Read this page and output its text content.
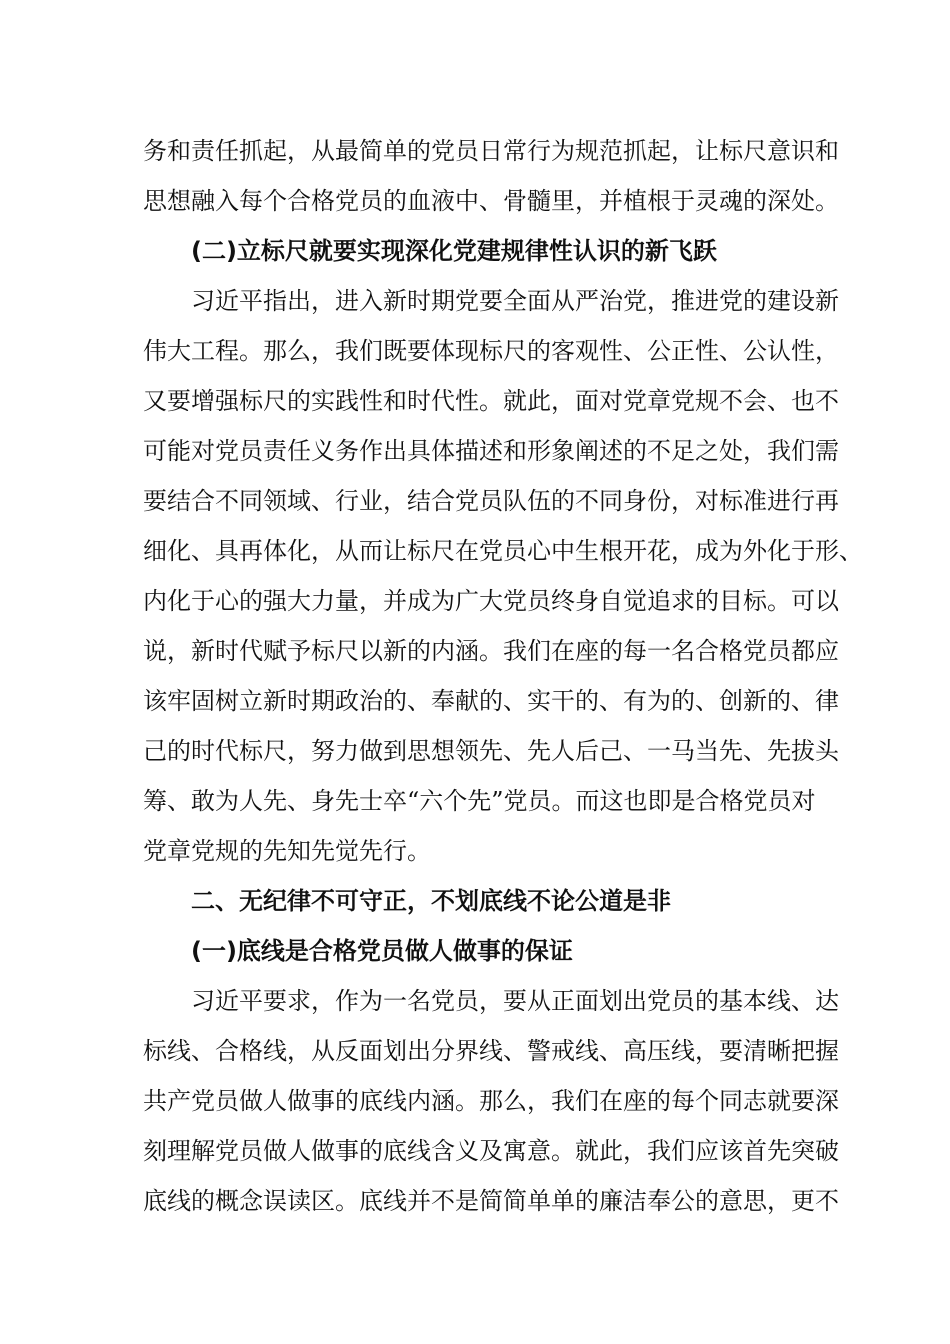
务和责任抓起，从最简单的党员日常行为规范抓起，让标尺意识和
思想融入每个合格党员的血液中、骨髓里，并植根于灵魂的深处。
(二)立标尺就要实现深化党建规律性认识的新飞跃
习近平指出，进入新时期党要全面从严治党，推进党的建设新
伟大工程。那么，我们既要体现标尺的客观性、公正性、公认性，
又要增强标尺的实践性和时代性。就此，面对党章党规不会、也不
可能对党员责任义务作出具体描述和形象阐述的不足之处，我们需
要结合不同领域、行业，结合党员队伍的不同身份，对标准进行再
细化、具再体化，从而让标尺在党员心中生根开花，成为外化于形、
内化于心的强大力量，并成为广大党员终身自觉追求的目标。可以
说，新时代赋予标尺以新的内涵。我们在座的每一名合格党员都应
该牢固树立新时期政治的、奉献的、实干的、有为的、创新的、律
己的时代标尺，努力做到思想领先、先人后己、一马当先、先拔头
筹、敢为人先、身先士卒“六个先”党员。而这也即是合格党员对
党章党规的先知先觉先行。
二、无纪律不可守正，不划底线不论公道是非
(一)底线是合格党员做人做事的保证
习近平要求，作为一名党员，要从正面划出党员的基本线、达
标线、合格线，从反面划出分界线、警戒线、高压线，要清晰把握
共产党员做人做事的底线内涵。那么，我们在座的每个同志就要深
刻理解党员做人做事的底线含义及寓意。就此，我们应该首先突破
底线的概念误读区。底线并不是简简单单的廉洁奉公的意思，更不
